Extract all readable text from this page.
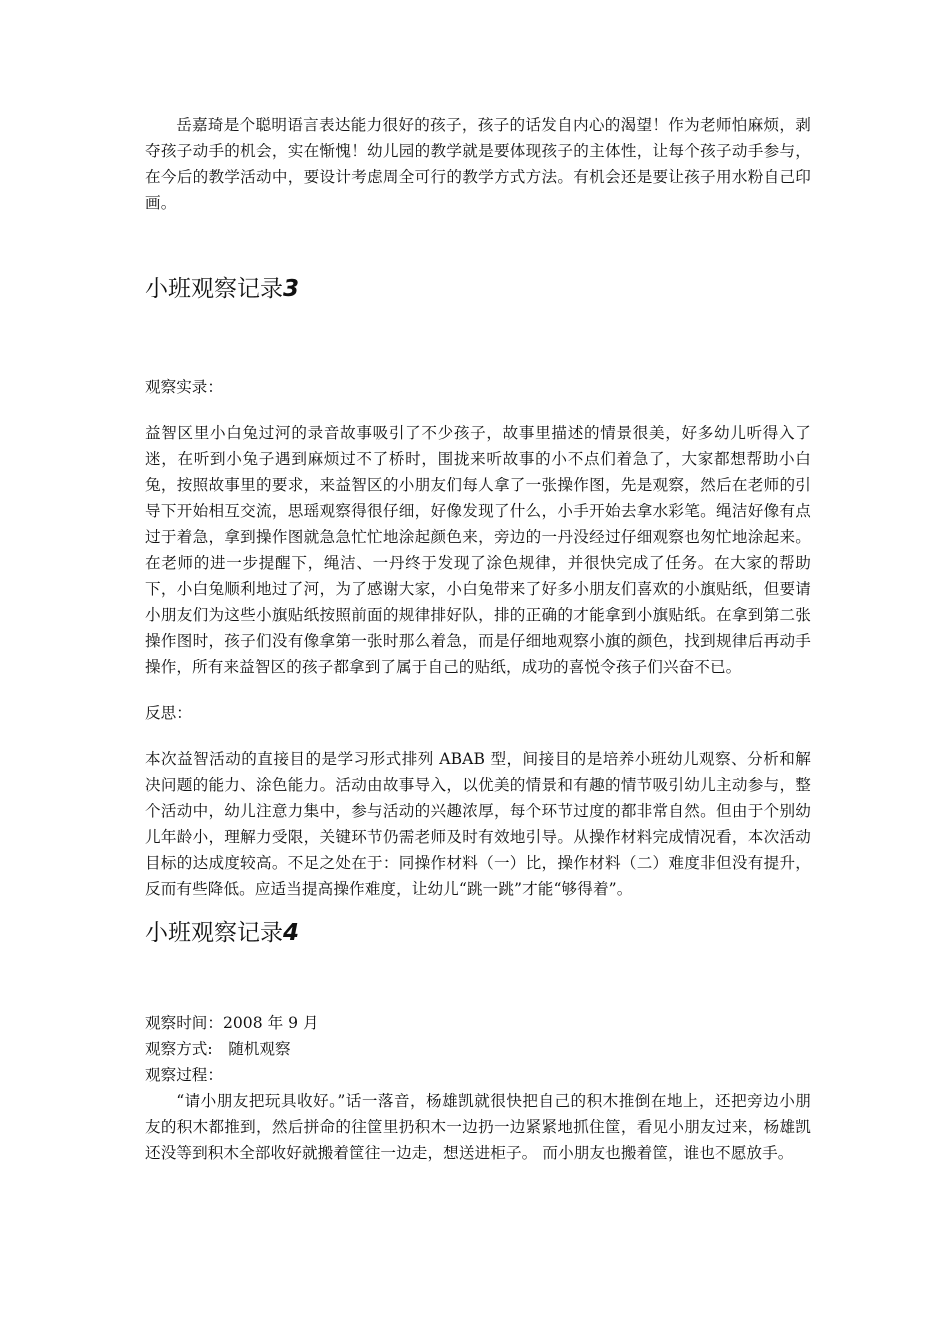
岳嘉琦是个聪明语言表达能力很好的孩子，孩子的话发自内心的渴望！作为老师怕麻烦，剥夺孩子动手的机会，实在惭愧！幼儿园的教学就是要体现孩子的主体性，让每个孩子动手参与，在今后的教学活动中，要设计考虑周全可行的教学方式方法。有机会还是要让孩子用水粉自己印画。

小班观察记录3

观察实录：

益智区里小白兔过河的录音故事吸引了不少孩子，故事里描述的情景很美，好多幼儿听得入了迷，在听到小兔子遇到麻烦过不了桥时，围拢来听故事的小不点们着急了，大家都想帮助小白兔，按照故事里的要求，来益智区的小朋友们每人拿了一张操作图，先是观察，然后在老师的引导下开始相互交流，思瑶观察得很仔细，好像发现了什么，小手开始去拿水彩笔。绳洁好像有点过于着急，拿到操作图就急急忙忙地涂起颜色来，旁边的一丹没经过仔细观察也匆忙地涂起来。在老师的进一步提醒下，绳洁、一丹终于发现了涂色规律，并很快完成了任务。在大家的帮助下，小白兔顺利地过了河，为了感谢大家，小白兔带来了好多小朋友们喜欢的小旗贴纸，但要请小朋友们为这些小旗贴纸按照前面的规律排好队，排的正确的才能拿到小旗贴纸。在拿到第二张操作图时，孩子们没有像拿第一张时那么着急，而是仔细地观察小旗的颜色，找到规律后再动手操作，所有来益智区的孩子都拿到了属于自己的贴纸，成功的喜悦令孩子们兴奋不已。

反思：

本次益智活动的直接目的是学习形式排列 ABAB 型，间接目的是培养小班幼儿观察、分析和解决问题的能力、涂色能力。活动由故事导入，以优美的情景和有趣的情节吸引幼儿主动参与，整个活动中，幼儿注意力集中，参与活动的兴趣浓厚，每个环节过度的都非常自然。但由于个别幼儿年龄小，理解力受限，关键环节仍需老师及时有效地引导。从操作材料完成情况看，本次活动目标的达成度较高。不足之处在于：同操作材料（一）比，操作材料（二）难度非但没有提升，反而有些降低。应适当提高操作难度，让幼儿“跳一跳”才能“够得着”。

小班观察记录4

观察时间：2008 年 9 月

观察方式:　随机观察

观察过程：

“请小朋友把玩具收好。”话一落音，杨雄凯就很快把自己的积木推倒在地上，还把旁边小朋友的积木都推到，然后拼命的往筐里扔积木一边扔一边紧紧地抓住筐，看见小朋友过来，杨雄凯还没等到积木全部收好就搬着筐往一边走，想送进柜子。 而小朋友也搬着筐，谁也不愿放手。
